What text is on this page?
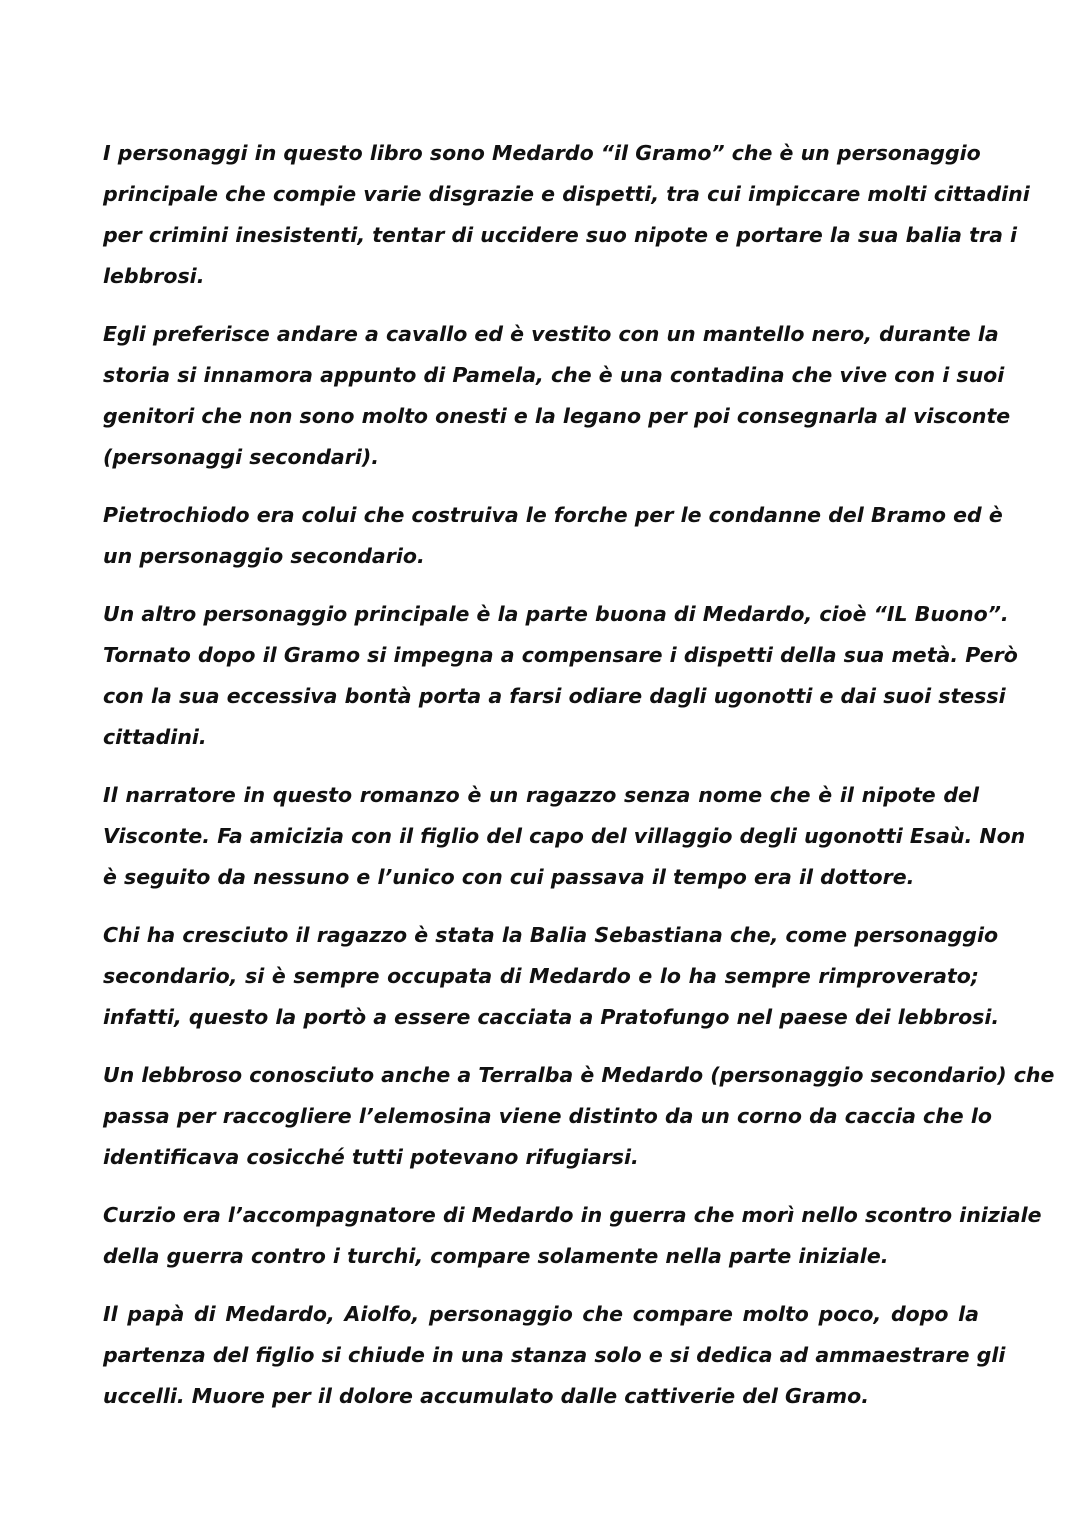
I personaggi in questo libro sono Medardo “il Gramo” che è un personaggio
principale che compie varie disgrazie e dispetti, tra cui impiccare molti cittadini
per crimini inesistenti, tentar di uccidere suo nipote e portare la sua balia tra i
lebbrosi.
Egli preferisce andare a cavallo ed è vestito con un mantello nero, durante la
storia si innamora appunto di Pamela, che è una contadina che vive con i suoi
genitori che non sono molto onesti e la legano per poi consegnarla al visconte
(personaggi secondari).
Pietrochiodo era colui che costruiva le forche per le condanne del Bramo ed è
un personaggio secondario.
Un altro personaggio principale è la parte buona di Medardo, cioè “IL Buono”.
Tornato dopo il Gramo si impegna a compensare i dispetti della sua metà. Però
con la sua eccessiva bontà porta a farsi odiare dagli ugonotti e dai suoi stessi
cittadini.
Il narratore in questo romanzo è un ragazzo senza nome che è il nipote del
Visconte. Fa amicizia con il figlio del capo del villaggio degli ugonotti Esaù. Non
è seguito da nessuno e l’unico con cui passava il tempo era il dottore.
Chi ha cresciuto il ragazzo è stata la Balia Sebastiana che, come personaggio
secondario, si è sempre occupata di Medardo e lo ha sempre rimproverato;
infatti, questo la portò a essere cacciata a Pratofungo nel paese dei lebbrosi.
Un lebbroso conosciuto anche a Terralba è Medardo (personaggio secondario) che
passa per raccogliere l’elemosina viene distinto da un corno da caccia che lo
identificava cosicché tutti potevano rifugiarsi.
Curzio era l’accompagnatore di Medardo in guerra che morì nello scontro iniziale
della guerra contro i turchi, compare solamente nella parte iniziale.
Il papà di Medardo, Aiolfo, personaggio che compare molto poco, dopo la
partenza del figlio si chiude in una stanza solo e si dedica ad ammaestrare gli
uccelli. Muore per il dolore accumulato dalle cattiverie del Gramo.
